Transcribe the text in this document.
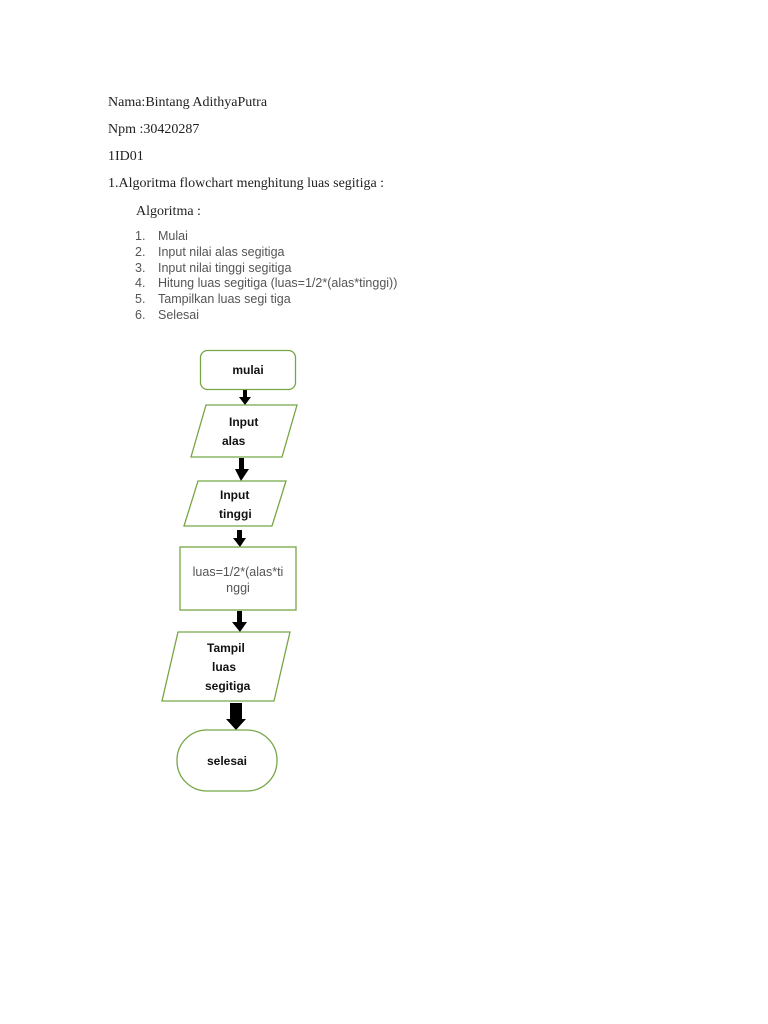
Nama:Bintang AdithyaPutra

Npm :30420287

1ID01

1.Algoritma flowchart menghitung luas segitiga :

Algoritma :

1. Mulai
2. Input nilai alas segitiga
3. Input nilai tinggi segitiga
4. Hitung luas segitiga (luas=1/2*(alas*tinggi))
5. Tampilkan luas segi tiga
6. Selesai
mulai
Input
alas
Input
tinggi
luas=1/2*(alas*ti
nggi
Tampil
luas
segitiga
selesai
